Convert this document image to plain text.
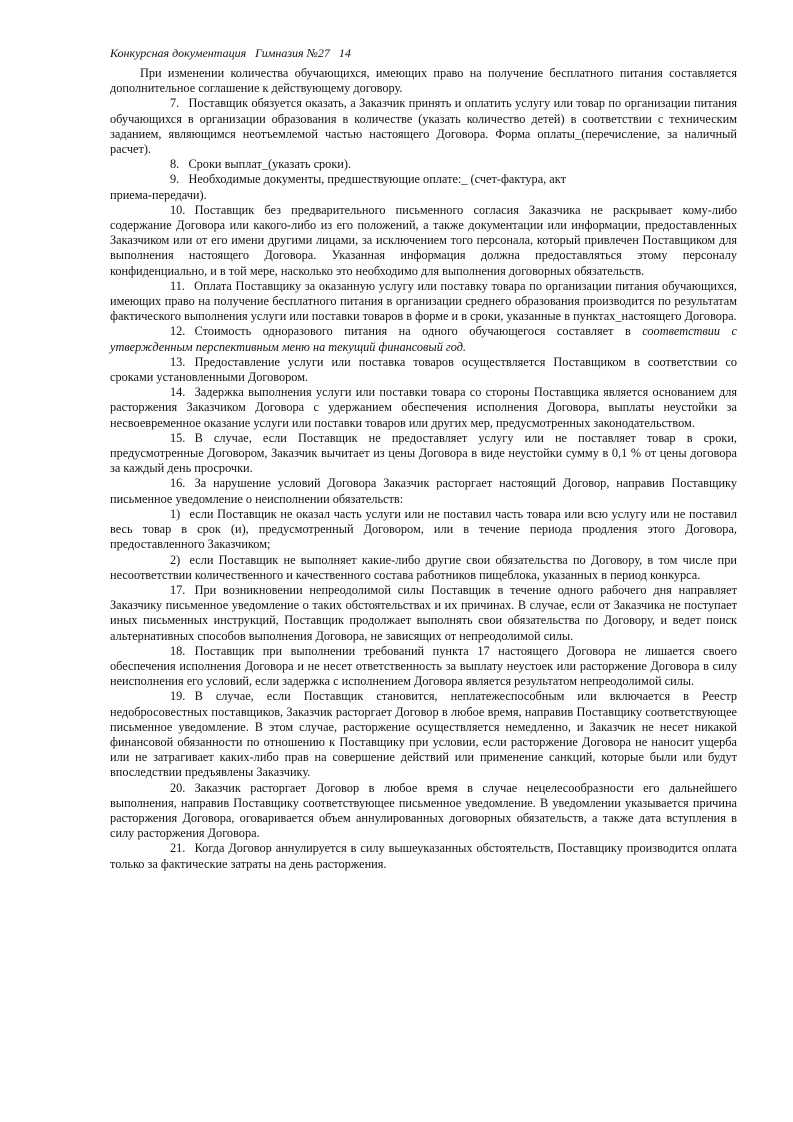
Конкурсная документация   Гимназия №27   14

При изменении количества обучающихся, имеющих право на получение бесплатного питания составляется дополнительное соглашение к действующему договору.

7.   Поставщик обязуется оказать, а Заказчик принять и оплатить услугу или товар по организации питания обучающихся в организации образования в количестве (указать количество детей) в соответствии с техническим заданием, являющимся неотъемлемой частью настоящего Договора. Форма оплаты_(перечисление, за наличный расчет).

8.   Сроки выплат_(указать сроки).

9.   Необходимые документы, предшествующие оплате:_ (счет-фактура, акт

приема-передачи).

10.   Поставщик без предварительного письменного согласия Заказчика не раскрывает кому-либо содержание Договора или какого-либо из его положений, а также документации или информации, предоставленных Заказчиком или от его имени другими лицами, за исключением того персонала, который привлечен Поставщиком для выполнения настоящего Договора. Указанная информация должна предоставляться этому персоналу конфиденциально, и в той мере, насколько это необходимо для выполнения договорных обязательств.

11.   Оплата Поставщику за оказанную услугу или поставку товара по организации питания обучающихся, имеющих право на получение бесплатного питания в организации среднего образования производится по результатам фактического выполнения услуги или поставки товаров в форме и в сроки, указанные в пунктах_настоящего Договора.

12.   Стоимость одноразового питания на одного обучающегося составляет в соответствии с утвержденным перспективным меню на текущий финансовый год.

13.   Предоставление услуги или поставка товаров осуществляется Поставщиком в соответствии со сроками установленными Договором.

14.   Задержка выполнения услуги или поставки товара со стороны Поставщика является основанием для расторжения Заказчиком Договора с удержанием обеспечения исполнения Договора, выплаты неустойки за несвоевременное оказание услуги или поставки товаров или других мер, предусмотренных законодательством.

15.   В случае, если Поставщик не предоставляет услугу или не поставляет товар в сроки, предусмотренные Договором, Заказчик вычитает из цены Договора в виде неустойки сумму в 0,1 % от цены договора за каждый день просрочки.

16.   За нарушение условий Договора Заказчик расторгает настоящий Договор, направив Поставщику письменное уведомление о неисполнении обязательств:

1)   если Поставщик не оказал часть услуги или не поставил часть товара или всю услугу или не поставил весь товар в срок (и), предусмотренный Договором, или в течение периода продления этого Договора, предоставленного Заказчиком;

2)   если Поставщик не выполняет какие-либо другие свои обязательства по Договору, в том числе при несоответствии количественного и качественного состава работников пищеблока, указанных в период конкурса.

17.   При возникновении непреодолимой силы Поставщик в течение одного рабочего дня направляет Заказчику письменное уведомление о таких обстоятельствах и их причинах. В случае, если от Заказчика не поступает иных письменных инструкций, Поставщик продолжает выполнять свои обязательства по Договору, и ведет поиск альтернативных способов выполнения Договора, не зависящих от непреодолимой силы.

18.   Поставщик при выполнении требований пункта 17 настоящего Договора не лишается своего обеспечения исполнения Договора и не несет ответственность за выплату неустоек или расторжение Договора в силу неисполнения его условий, если задержка с исполнением Договора является результатом непреодолимой силы.

19.   В случае, если Поставщик становится, неплатежеспособным или включается в Реестр недобросовестных поставщиков, Заказчик расторгает Договор в любое время, направив Поставщику соответствующее письменное уведомление. В этом случае, расторжение осуществляется немедленно, и Заказчик не несет никакой финансовой обязанности по отношению к Поставщику при условии, если расторжение Договора не наносит ущерба или не затрагивает каких-либо прав на совершение действий или применение санкций, которые были или будут впоследствии предъявлены Заказчику.

20.   Заказчик расторгает Договор в любое время в случае нецелесообразности его дальнейшего выполнения, направив Поставщику соответствующее письменное уведомление. В уведомлении указывается причина расторжения Договора, оговаривается объем аннулированных договорных обязательств, а также дата вступления в силу расторжения Договора.

21.   Когда Договор аннулируется в силу вышеуказанных обстоятельств, Поставщику производится оплата только за фактические затраты на день расторжения.
